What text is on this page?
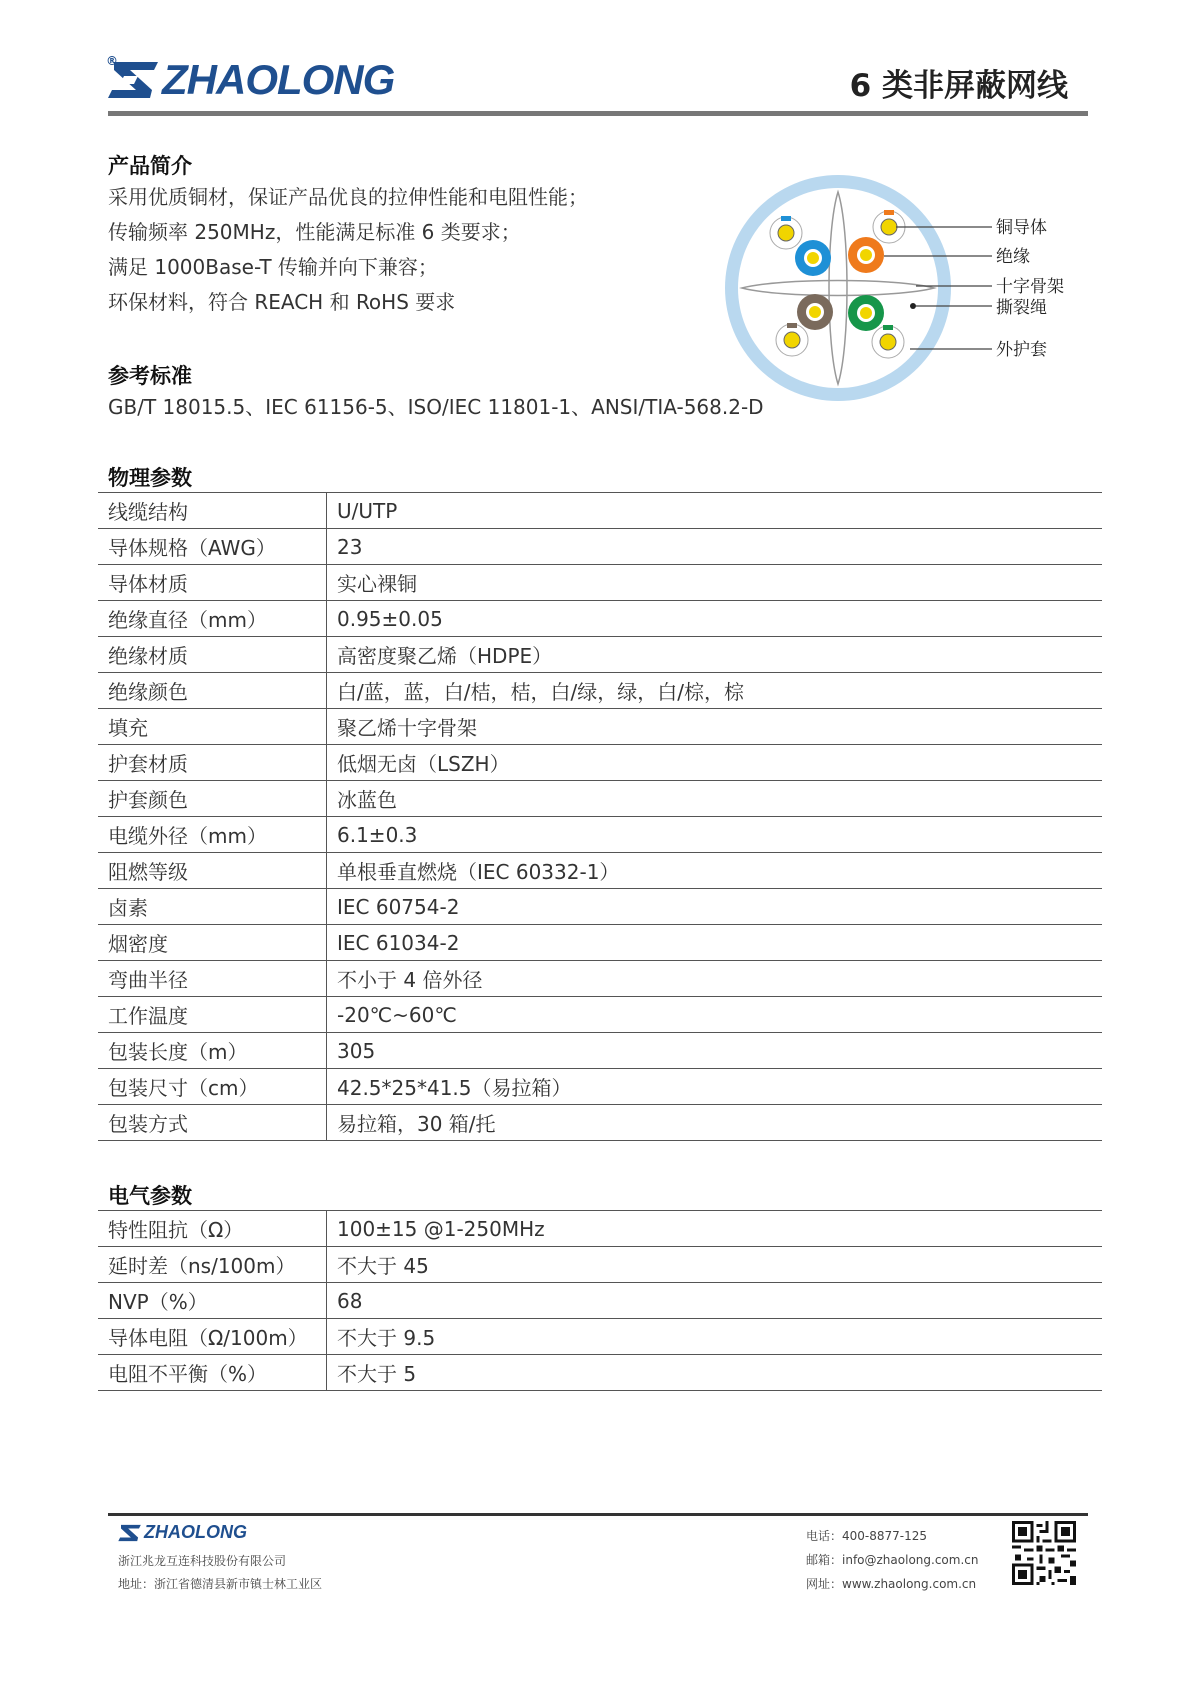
® ZHAOLONG	6 类非屏蔽网线
产品简介
采用优质铜材，保证产品优良的拉伸性能和电阻性能；
传输频率 250MHz，性能满足标准 6 类要求；
满足 1000Base-T 传输并向下兼容；
环保材料，符合 REACH 和 RoHS 要求
参考标准
GB/T 18015.5、IEC 61156-5、ISO/IEC 11801-1、ANSI/TIA-568.2-D
铜导体
绝缘
十字骨架
撕裂绳
外护套
物理参数
线缆结构	U/UTP
导体规格（AWG）	23
导体材质	实心裸铜
绝缘直径（mm）	0.95±0.05
绝缘材质	高密度聚乙烯（HDPE）
绝缘颜色	白/蓝，蓝，白/桔，桔，白/绿，绿，白/棕，棕
填充	聚乙烯十字骨架
护套材质	低烟无卤（LSZH）
护套颜色	冰蓝色
电缆外径（mm）	6.1±0.3
阻燃等级	单根垂直燃烧（IEC 60332-1）
卤素	IEC 60754-2
烟密度	IEC 61034-2
弯曲半径	不小于 4 倍外径
工作温度	-20℃~60℃
包装长度（m）	305
包装尺寸（cm）	42.5*25*41.5（易拉箱）
包装方式	易拉箱，30 箱/托
电气参数
特性阻抗（Ω）	100±15 @1-250MHz
延时差（ns/100m）	不大于 45
NVP（%）	68
导体电阻（Ω/100m）	不大于 9.5
电阻不平衡（%）	不大于 5
ZHAOLONG
浙江兆龙互连科技股份有限公司
地址：浙江省德清县新市镇士林工业区
电话：400-8877-125
邮箱：info@zhaolong.com.cn
网址：www.zhaolong.com.cn
